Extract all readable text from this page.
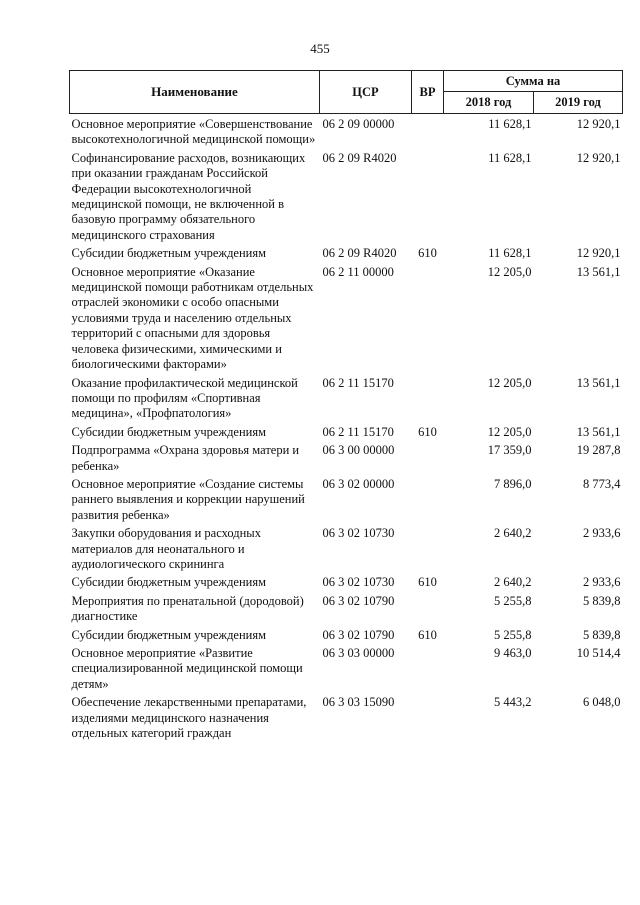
455
Наименование	ЦСР	ВР	Сумма на	
			2018 год	2019 год
Основное мероприятие «Совершенствование высокотехнологичной медицинской помощи»	06 2 09 00000		11 628,1	12 920,1
Софинансирование расходов, возникающих при оказании гражданам Российской Федерации высокотехнологичной медицинской помощи, не включенной в базовую программу обязательного медицинского страхования	06 2 09 R4020		11 628,1	12 920,1
Субсидии бюджетным учреждениям	06 2 09 R4020	610	11 628,1	12 920,1
Основное мероприятие «Оказание медицинской помощи работникам отдельных отраслей экономики с особо опасными условиями труда и населению отдельных территорий с опасными для здоровья человека физическими, химическими и биологическими факторами»	06 2 11 00000		12 205,0	13 561,1
Оказание профилактической медицинской помощи по профилям «Спортивная медицина», «Профпатология»	06 2 11 15170		12 205,0	13 561,1
Субсидии бюджетным учреждениям	06 2 11 15170	610	12 205,0	13 561,1
Подпрограмма «Охрана здоровья матери и ребенка»	06 3 00 00000		17 359,0	19 287,8
Основное мероприятие «Создание системы раннего выявления и коррекции нарушений развития ребенка»	06 3 02 00000		7 896,0	8 773,4
Закупки оборудования и расходных материалов для неонатального и аудиологического скрининга	06 3 02 10730		2 640,2	2 933,6
Субсидии бюджетным учреждениям	06 3 02 10730	610	2 640,2	2 933,6
Мероприятия по пренатальной (дородовой) диагностике	06 3 02 10790		5 255,8	5 839,8
Субсидии бюджетным учреждениям	06 3 02 10790	610	5 255,8	5 839,8
Основное мероприятие «Развитие специализированной медицинской помощи детям»	06 3 03 00000		9 463,0	10 514,4
Обеспечение лекарственными препаратами, изделиями медицинского назначения отдельных категорий граждан	06 3 03 15090		5 443,2	6 048,0
